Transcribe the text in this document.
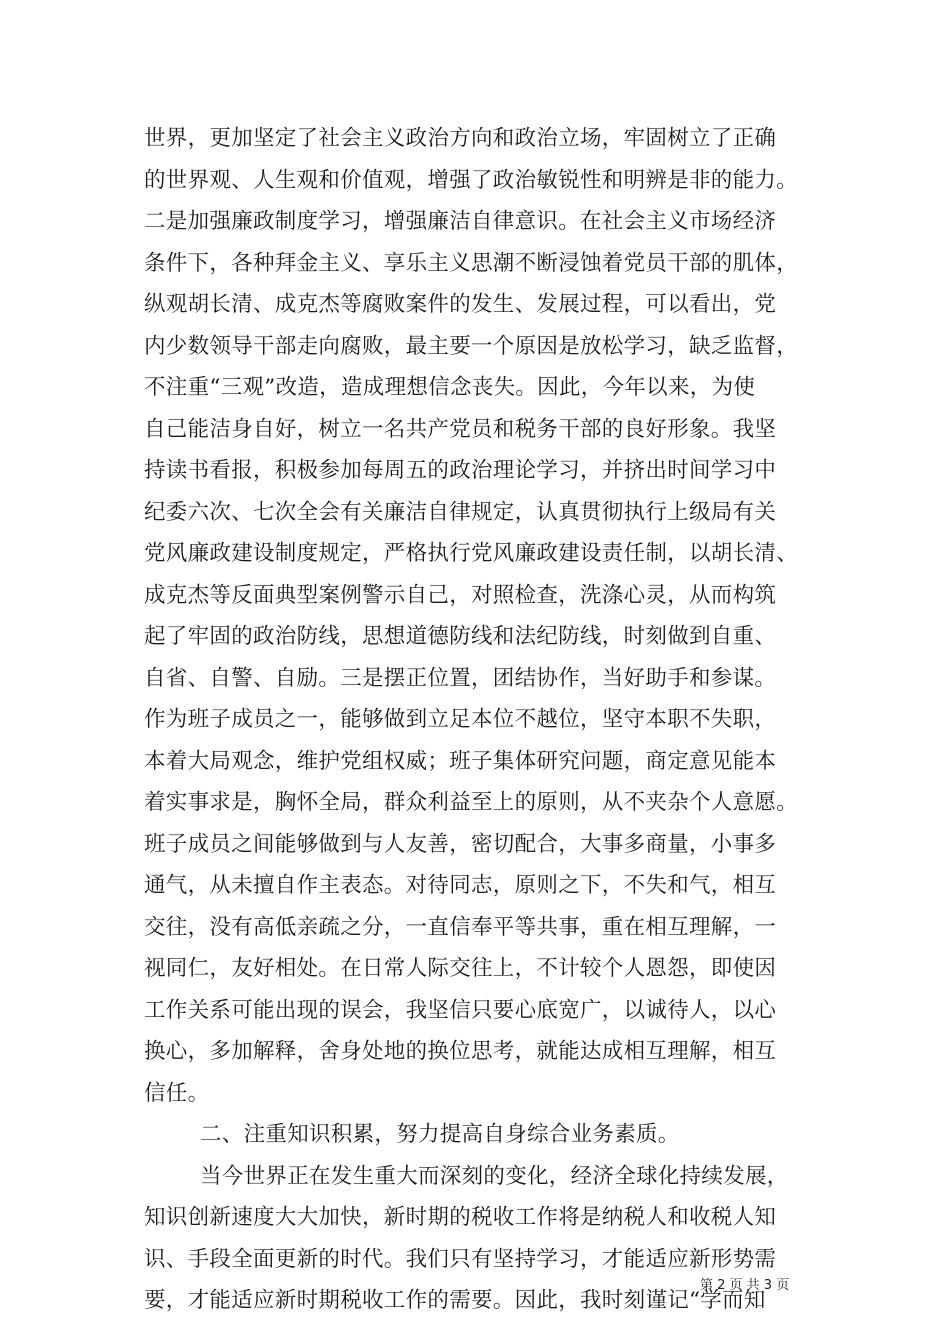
世界，更加坚定了社会主义政治方向和政治立场，牢固树立了正确
的世界观、人生观和价值观，增强了政治敏锐性和明辨是非的能力。
二是加强廉政制度学习，增强廉洁自律意识。在社会主义市场经济
条件下，各种拜金主义、享乐主义思潮不断浸蚀着党员干部的肌体，
纵观胡长清、成克杰等腐败案件的发生、发展过程，可以看出，党
内少数领导干部走向腐败，最主要一个原因是放松学习，缺乏监督，
不注重“三观”改造，造成理想信念丧失。因此，今年以来，为使
自己能洁身自好，树立一名共产党员和税务干部的良好形象。我坚
持读书看报，积极参加每周五的政治理论学习，并挤出时间学习中
纪委六次、七次全会有关廉洁自律规定，认真贯彻执行上级局有关
党风廉政建设制度规定，严格执行党风廉政建设责任制，以胡长清、
成克杰等反面典型案例警示自己，对照检查，洗涤心灵，从而构筑
起了牢固的政治防线，思想道德防线和法纪防线，时刻做到自重、
自省、自警、自励。三是摆正位置，团结协作，当好助手和参谋。
作为班子成员之一，能够做到立足本位不越位，坚守本职不失职，
本着大局观念，维护党组权威；班子集体研究问题，商定意见能本
着实事求是，胸怀全局，群众利益至上的原则，从不夹杂个人意愿。
班子成员之间能够做到与人友善，密切配合，大事多商量，小事多
通气，从未擅自作主表态。对待同志，原则之下，不失和气，相互
交往，没有高低亲疏之分，一直信奉平等共事，重在相互理解，一
视同仁，友好相处。在日常人际交往上，不计较个人恩怨，即使因
工作关系可能出现的误会，我坚信只要心底宽广，以诚待人，以心
换心，多加解释，舍身处地的换位思考，就能达成相互理解，相互
信任。
二、注重知识积累，努力提高自身综合业务素质。
当今世界正在发生重大而深刻的变化，经济全球化持续发展，
知识创新速度大大加快，新时期的税收工作将是纳税人和收税人知
识、手段全面更新的时代。我们只有坚持学习，才能适应新形势需
要，才能适应新时期税收工作的需要。因此，我时刻谨记“学而知
第 2 页 共 3 页
